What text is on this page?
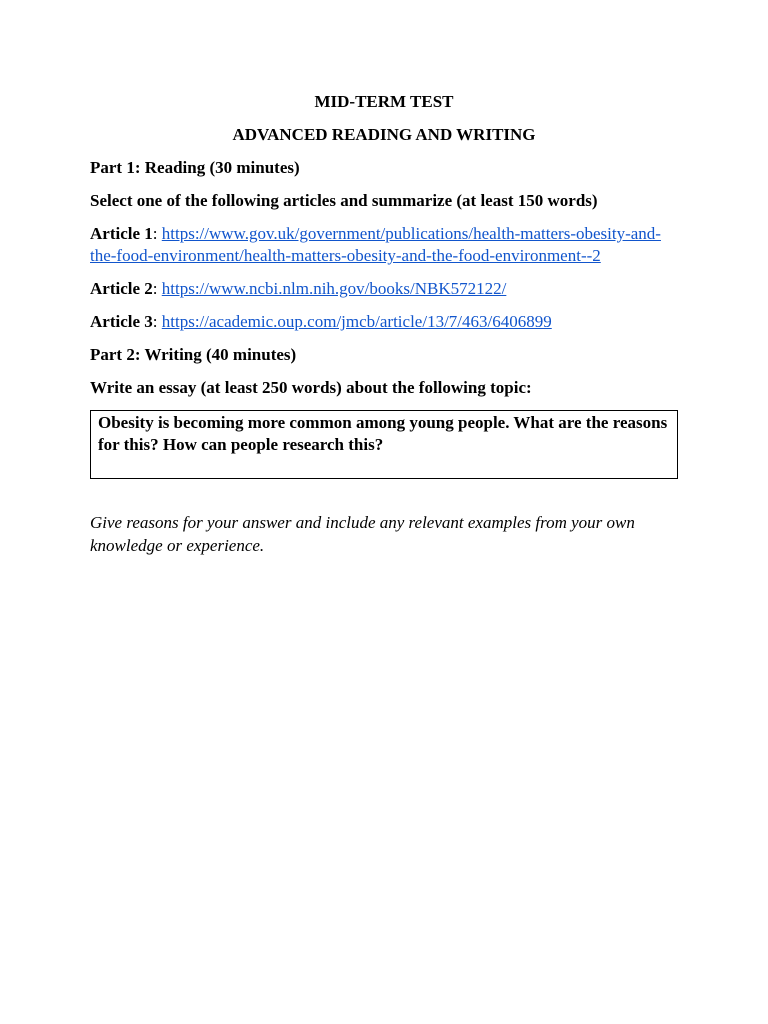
MID-TERM TEST
ADVANCED READING AND WRITING
Part 1: Reading (30 minutes)
Select one of the following articles and summarize (at least 150 words)
Article 1: https://www.gov.uk/government/publications/health-matters-obesity-and-the-food-environment/health-matters-obesity-and-the-food-environment--2
Article 2: https://www.ncbi.nlm.nih.gov/books/NBK572122/
Article 3: https://academic.oup.com/jmcb/article/13/7/463/6406899
Part 2: Writing (40 minutes)
Write an essay (at least 250 words) about the following topic:
Obesity is becoming more common among young people. What are the reasons for this? How can people research this?
Give reasons for your answer and include any relevant examples from your own knowledge or experience.
